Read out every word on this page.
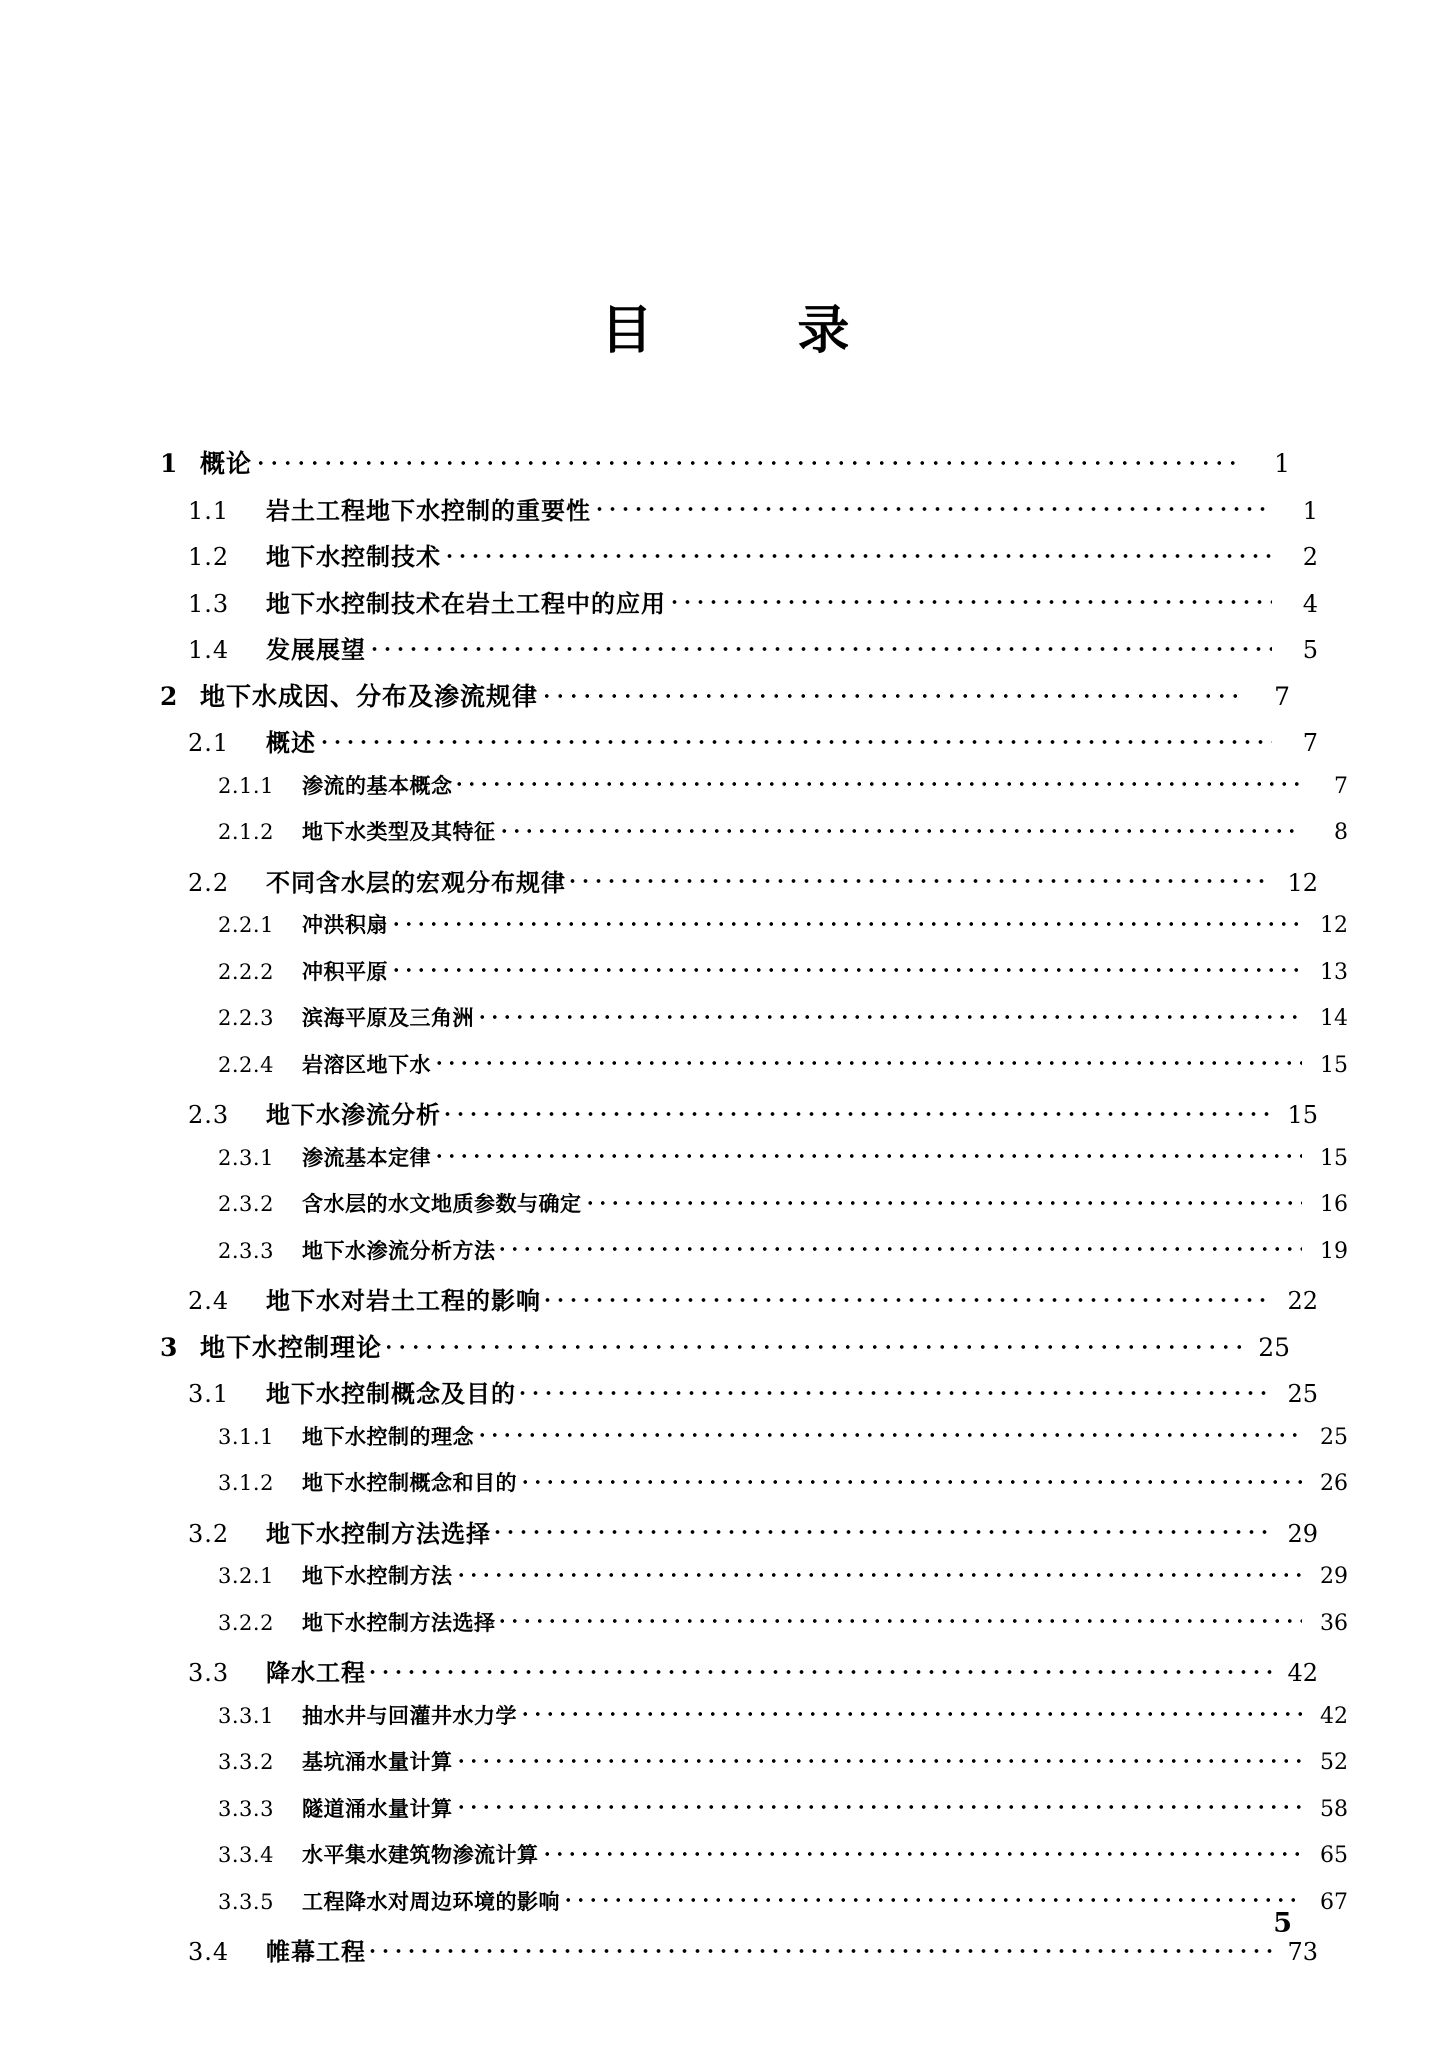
目        录
1 概论	1
1.1	岩土工程地下水控制的重要性	1
1.2	地下水控制技术	2
1.3	地下水控制技术在岩土工程中的应用	4
1.4	发展展望	5
2 地下水成因、分布及渗流规律	7
2.1	概述	7
2.1.1	渗流的基本概念	7
2.1.2	地下水类型及其特征	8
2.2	不同含水层的宏观分布规律	12
2.2.1	冲洪积扇	12
2.2.2	冲积平原	13
2.2.3	滨海平原及三角洲	14
2.2.4	岩溶区地下水	15
2.3	地下水渗流分析	15
2.3.1	渗流基本定律	15
2.3.2	含水层的水文地质参数与确定	16
2.3.3	地下水渗流分析方法	19
2.4	地下水对岩土工程的影响	22
3 地下水控制理论	25
3.1	地下水控制概念及目的	25
3.1.1	地下水控制的理念	25
3.1.2	地下水控制概念和目的	26
3.2	地下水控制方法选择	29
3.2.1	地下水控制方法	29
3.2.2	地下水控制方法选择	36
3.3	降水工程	42
3.3.1	抽水井与回灌井水力学	42
3.3.2	基坑涌水量计算	52
3.3.3	隧道涌水量计算	58
3.3.4	水平集水建筑物渗流计算	65
3.3.5	工程降水对周边环境的影响	67
3.4	帷幕工程	73
5
